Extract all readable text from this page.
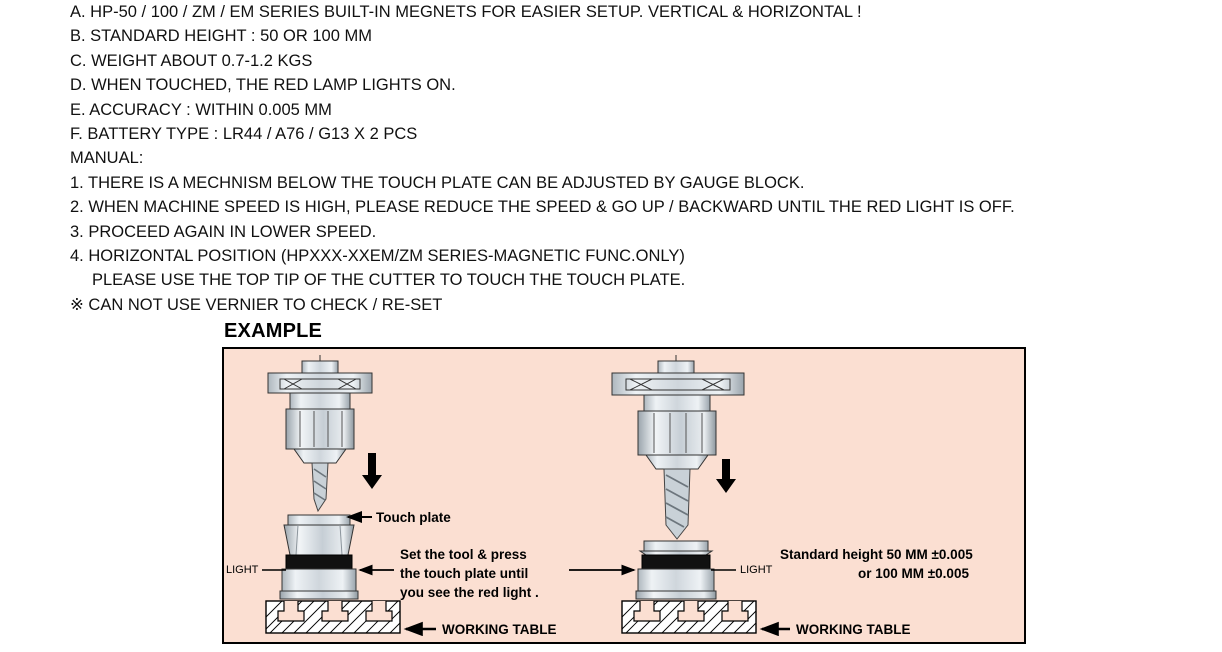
A. HP-50 / 100 / ZM / EM SERIES BUILT-IN MEGNETS FOR EASIER SETUP. VERTICAL & HORIZONTAL !
B. STANDARD HEIGHT : 50 OR 100 MM
C. WEIGHT ABOUT 0.7-1.2 KGS
D. WHEN TOUCHED, THE RED LAMP LIGHTS ON.
E. ACCURACY : WITHIN 0.005 MM
F. BATTERY TYPE : LR44 / A76 / G13 X 2 PCS
MANUAL:
1. THERE IS A MECHNISM BELOW THE TOUCH PLATE CAN BE ADJUSTED BY GAUGE BLOCK.
2. WHEN MACHINE SPEED IS HIGH, PLEASE REDUCE THE SPEED & GO UP / BACKWARD UNTIL THE RED LIGHT IS OFF.
3. PROCEED AGAIN IN LOWER SPEED.
4. HORIZONTAL POSITION (HPXXX-XXEM/ZM SERIES-MAGNETIC FUNC.ONLY)
PLEASE USE THE TOP TIP OF THE CUTTER TO TOUCH THE TOUCH PLATE.
※ CAN NOT USE VERNIER TO CHECK / RE-SET
EXAMPLE
Touch plate
LIGHT	LIGHT
Set the tool & press
the touch plate until
you see the red light .
WORKING TABLE	WORKING TABLE
Standard height 50 MM ±0.005
or 100 MM ±0.005
